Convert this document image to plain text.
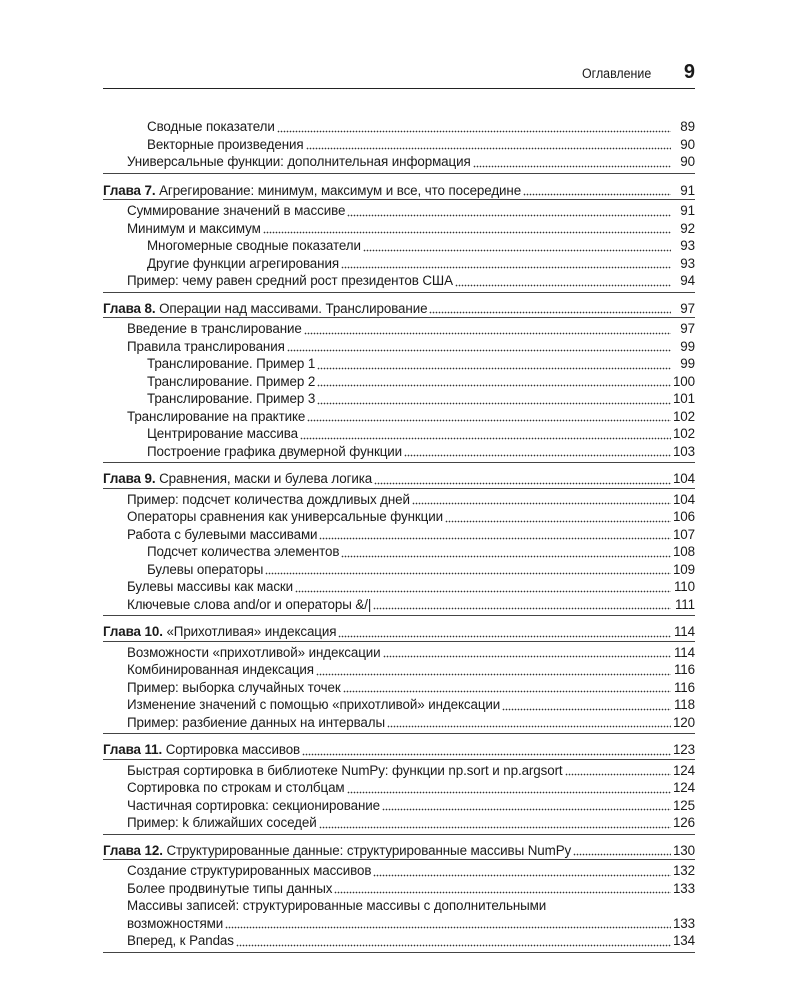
Оглавление 9
Сводные показатели	89
Векторные произведения	90
Универсальные функции: дополнительная информация	90
Глава 7. Агрегирование: минимум, максимум и все, что посередине	91
Суммирование значений в массиве	91
Минимум и максимум	92
Многомерные сводные показатели	93
Другие функции агрегирования	93
Пример: чему равен средний рост президентов США	94
Глава 8. Операции над массивами. Транслирование	97
Введение в транслирование	97
Правила транслирования	99
Транслирование. Пример 1	99
Транслирование. Пример 2	100
Транслирование. Пример 3	101
Транслирование на практике	102
Центрирование массива	102
Построение графика двумерной функции	103
Глава 9. Сравнения, маски и булева логика	104
Пример: подсчет количества дождливых дней	104
Операторы сравнения как универсальные функции	106
Работа с булевыми массивами	107
Подсчет количества элементов	108
Булевы операторы	109
Булевы массивы как маски	110
Ключевые слова and/or и операторы &/|	111
Глава 10. «Прихотливая» индексация	114
Возможности «прихотливой» индексации	114
Комбинированная индексация	116
Пример: выборка случайных точек	116
Изменение значений с помощью «прихотливой» индексации	118
Пример: разбиение данных на интервалы	120
Глава 11. Сортировка массивов	123
Быстрая сортировка в библиотеке NumPy: функции np.sort и np.argsort	124
Сортировка по строкам и столбцам	124
Частичная сортировка: секционирование	125
Пример: k ближайших соседей	126
Глава 12. Структурированные данные: структурированные массивы NumPy	130
Создание структурированных массивов	132
Более продвинутые типы данных	133
Массивы записей: структурированные массивы с дополнительными
возможностями	133
Вперед, к Pandas	134
